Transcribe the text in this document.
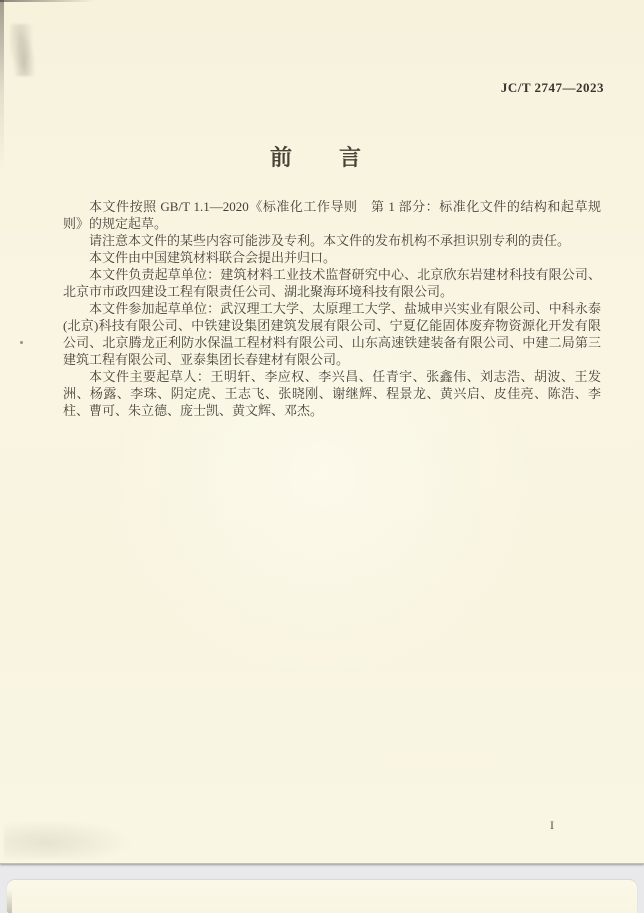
JC/T 2747—2023
前　　言

本文件按照 GB/T 1.1—2020《标准化工作导则　第 1 部分：标准化文件的结构和起草规则》的规定起草。

请注意本文件的某些内容可能涉及专利。本文件的发布机构不承担识别专利的责任。

本文件由中国建筑材料联合会提出并归口。

本文件负责起草单位：建筑材料工业技术监督研究中心、北京欣东岩建材科技有限公司、北京市市政四建设工程有限责任公司、湖北聚海环境科技有限公司。

本文件参加起草单位：武汉理工大学、太原理工大学、盐城申兴实业有限公司、中科永泰(北京)科技有限公司、中铁建设集团建筑发展有限公司、宁夏亿能固体废弃物资源化开发有限公司、北京腾龙正利防水保温工程材料有限公司、山东高速铁建装备有限公司、中建二局第三建筑工程有限公司、亚泰集团长春建材有限公司。

本文件主要起草人：王明轩、李应权、李兴昌、任青宇、张鑫伟、刘志浩、胡波、王发洲、杨露、李珠、阴定虎、王志飞、张晓刚、谢继辉、程景龙、黄兴启、皮佳亮、陈浩、李柱、曹可、朱立德、庞士凯、黄文辉、邓杰。

I
